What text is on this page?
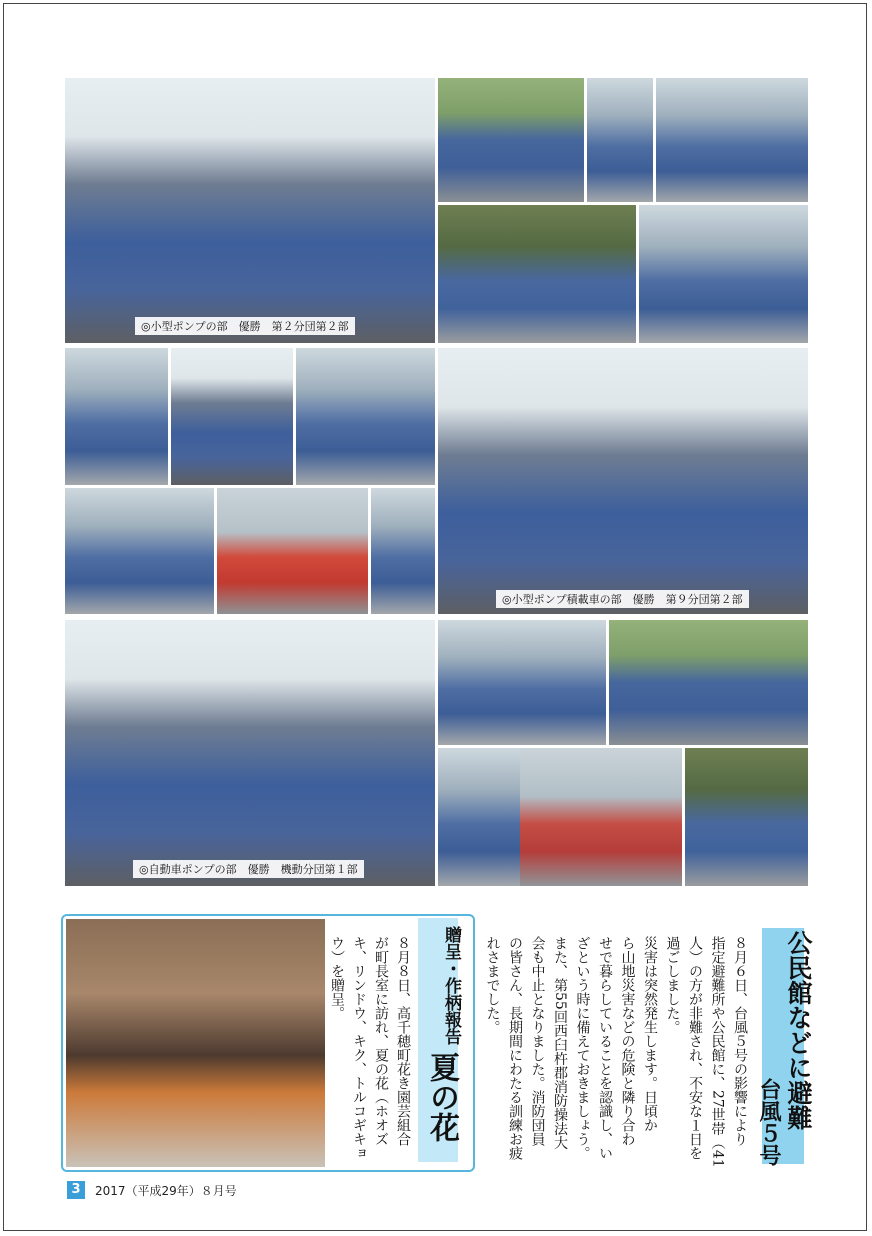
◎小型ポンプの部　優勝　第２分団第２部
◎小型ポンプ積載車の部　優勝　第９分団第２部
◎自動車ポンプの部　優勝　機動分団第１部
公民館などに避難
台風５号
８月６日、台風５号の影響により
指定避難所や公民館に、27世帯（41
人）の方が非難され、不安な１日を
過ごしました。
災害は突然発生します。日頃か
ら山地災害などの危険と隣り合わ
せで暮らしていることを認識し、い
ざという時に備えておきましょう。
また、第55回西臼杵郡消防操法大
会も中止となりました。消防団員
の皆さん、長期間にわたる訓練お疲
れさまでした。
贈呈・作柄報告
夏の花
８月８日、高千穂町花き園芸組合
が町長室に訪れ、夏の花（ホオズ
キ、リンドウ、キク、トルコギキョ
ウ）を贈呈。
3	2017（平成29年）８月号
